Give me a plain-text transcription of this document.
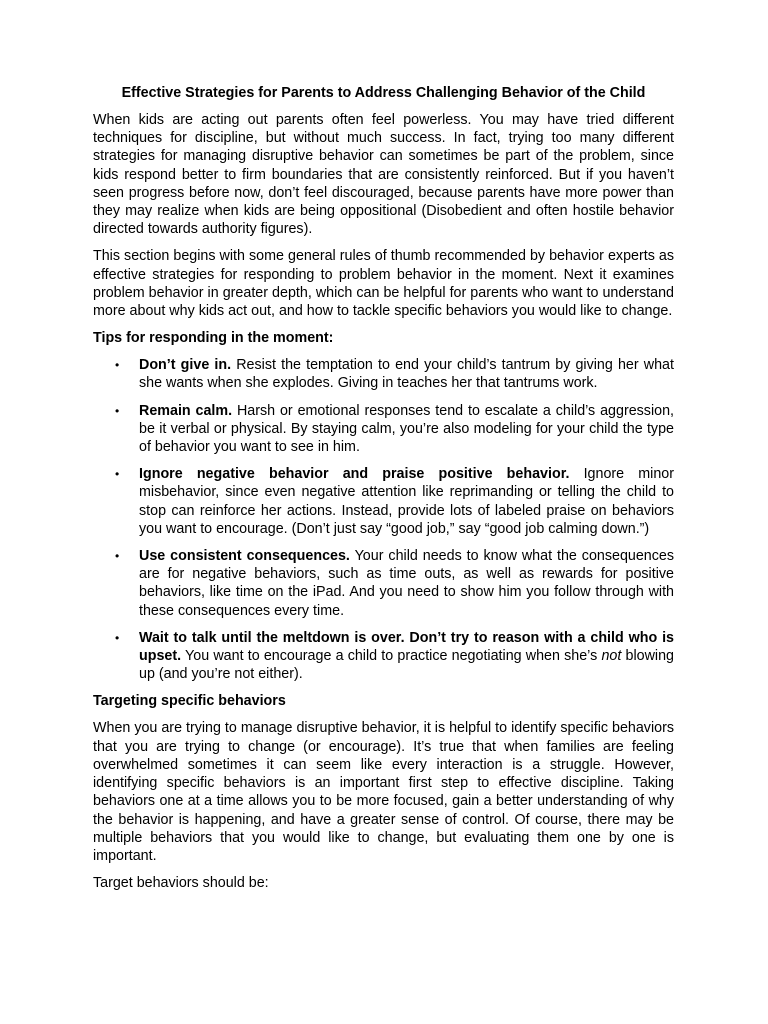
Effective Strategies for Parents to Address Challenging Behavior of the Child

When kids are acting out parents often feel powerless. You may have tried different techniques for discipline, but without much success. In fact, trying too many different strategies for managing disruptive behavior can sometimes be part of the problem, since kids respond better to firm boundaries that are consistently reinforced. But if you haven’t seen progress before now, don’t feel discouraged, because parents have more power than they may realize when kids are being oppositional (Disobedient and often hostile behavior directed towards authority figures).

This section begins with some general rules of thumb recommended by behavior experts as effective strategies for responding to problem behavior in the moment. Next it examines problem behavior in greater depth, which can be helpful for parents who want to understand more about why kids act out, and how to tackle specific behaviors you would like to change.

Tips for responding in the moment:
• Don’t give in. Resist the temptation to end your child’s tantrum by giving her what she wants when she explodes. Giving in teaches her that tantrums work.
• Remain calm. Harsh or emotional responses tend to escalate a child’s aggression, be it verbal or physical. By staying calm, you’re also modeling for your child the type of behavior you want to see in him.
• Ignore negative behavior and praise positive behavior. Ignore minor misbehavior, since even negative attention like reprimanding or telling the child to stop can reinforce her actions. Instead, provide lots of labeled praise on behaviors you want to encourage. (Don’t just say “good job,” say “good job calming down.”)
• Use consistent consequences. Your child needs to know what the consequences are for negative behaviors, such as time outs, as well as rewards for positive behaviors, like time on the iPad. And you need to show him you follow through with these consequences every time.
• Wait to talk until the meltdown is over. Don’t try to reason with a child who is upset. You want to encourage a child to practice negotiating when she’s not blowing up (and you’re not either).
Targeting specific behaviors

When you are trying to manage disruptive behavior, it is helpful to identify specific behaviors that you are trying to change (or encourage). It’s true that when families are feeling overwhelmed sometimes it can seem like every interaction is a struggle. However, identifying specific behaviors is an important first step to effective discipline. Taking behaviors one at a time allows you to be more focused, gain a better understanding of why the behavior is happening, and have a greater sense of control. Of course, there may be multiple behaviors that you would like to change, but evaluating them one by one is important.

Target behaviors should be:
